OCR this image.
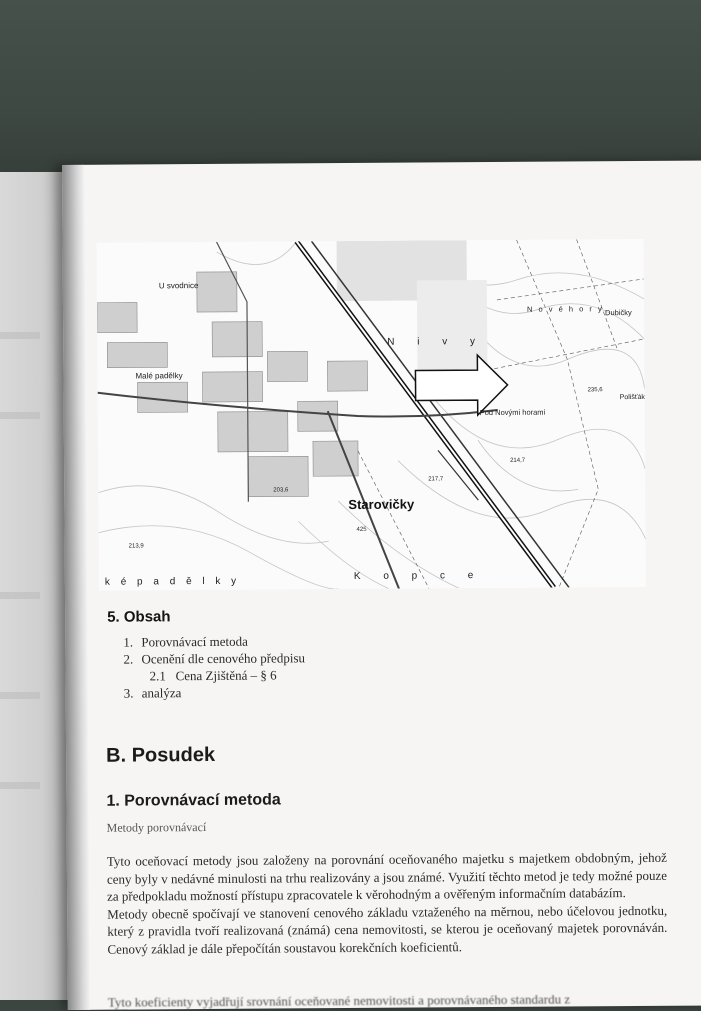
U svodnice
Malé padělky
N i v y
N o v é h o r y Dubičky
Polišťák
Pod Novými horami
Starovičky
k é p a d ě l k y	K o p c e
235,6
217,7
214,7
203,6
213,9
425
5. Obsah
1. Porovnávací metoda
2. Ocenění dle cenového předpisu
2.1 Cena Zjištěná – § 6
3. analýza
B. Posudek
1. Porovnávací metoda
Metody porovnávací

Tyto oceňovací metody jsou založeny na porovnání oceňovaného majetku s majetkem obdobným, jehož ceny byly v nedávné minulosti na trhu realizovány a jsou známé. Využití těchto metod je tedy možné pouze za předpokladu možností přístupu zpracovatele k věrohodným a ověřeným informačním databázím.

Metody obecně spočívají ve stanovení cenového základu vztaženého na měrnou, nebo účelovou jednotku, který z pravidla tvoří realizovaná (známá) cena nemovitosti, se kterou je oceňovaný majetek porovnáván. Cenový základ je dále přepočítán soustavou korekčních koeficientů.

Tyto koeficienty vyjadřují srovnání oceňované nemovitosti a porovnávaného standardu z
